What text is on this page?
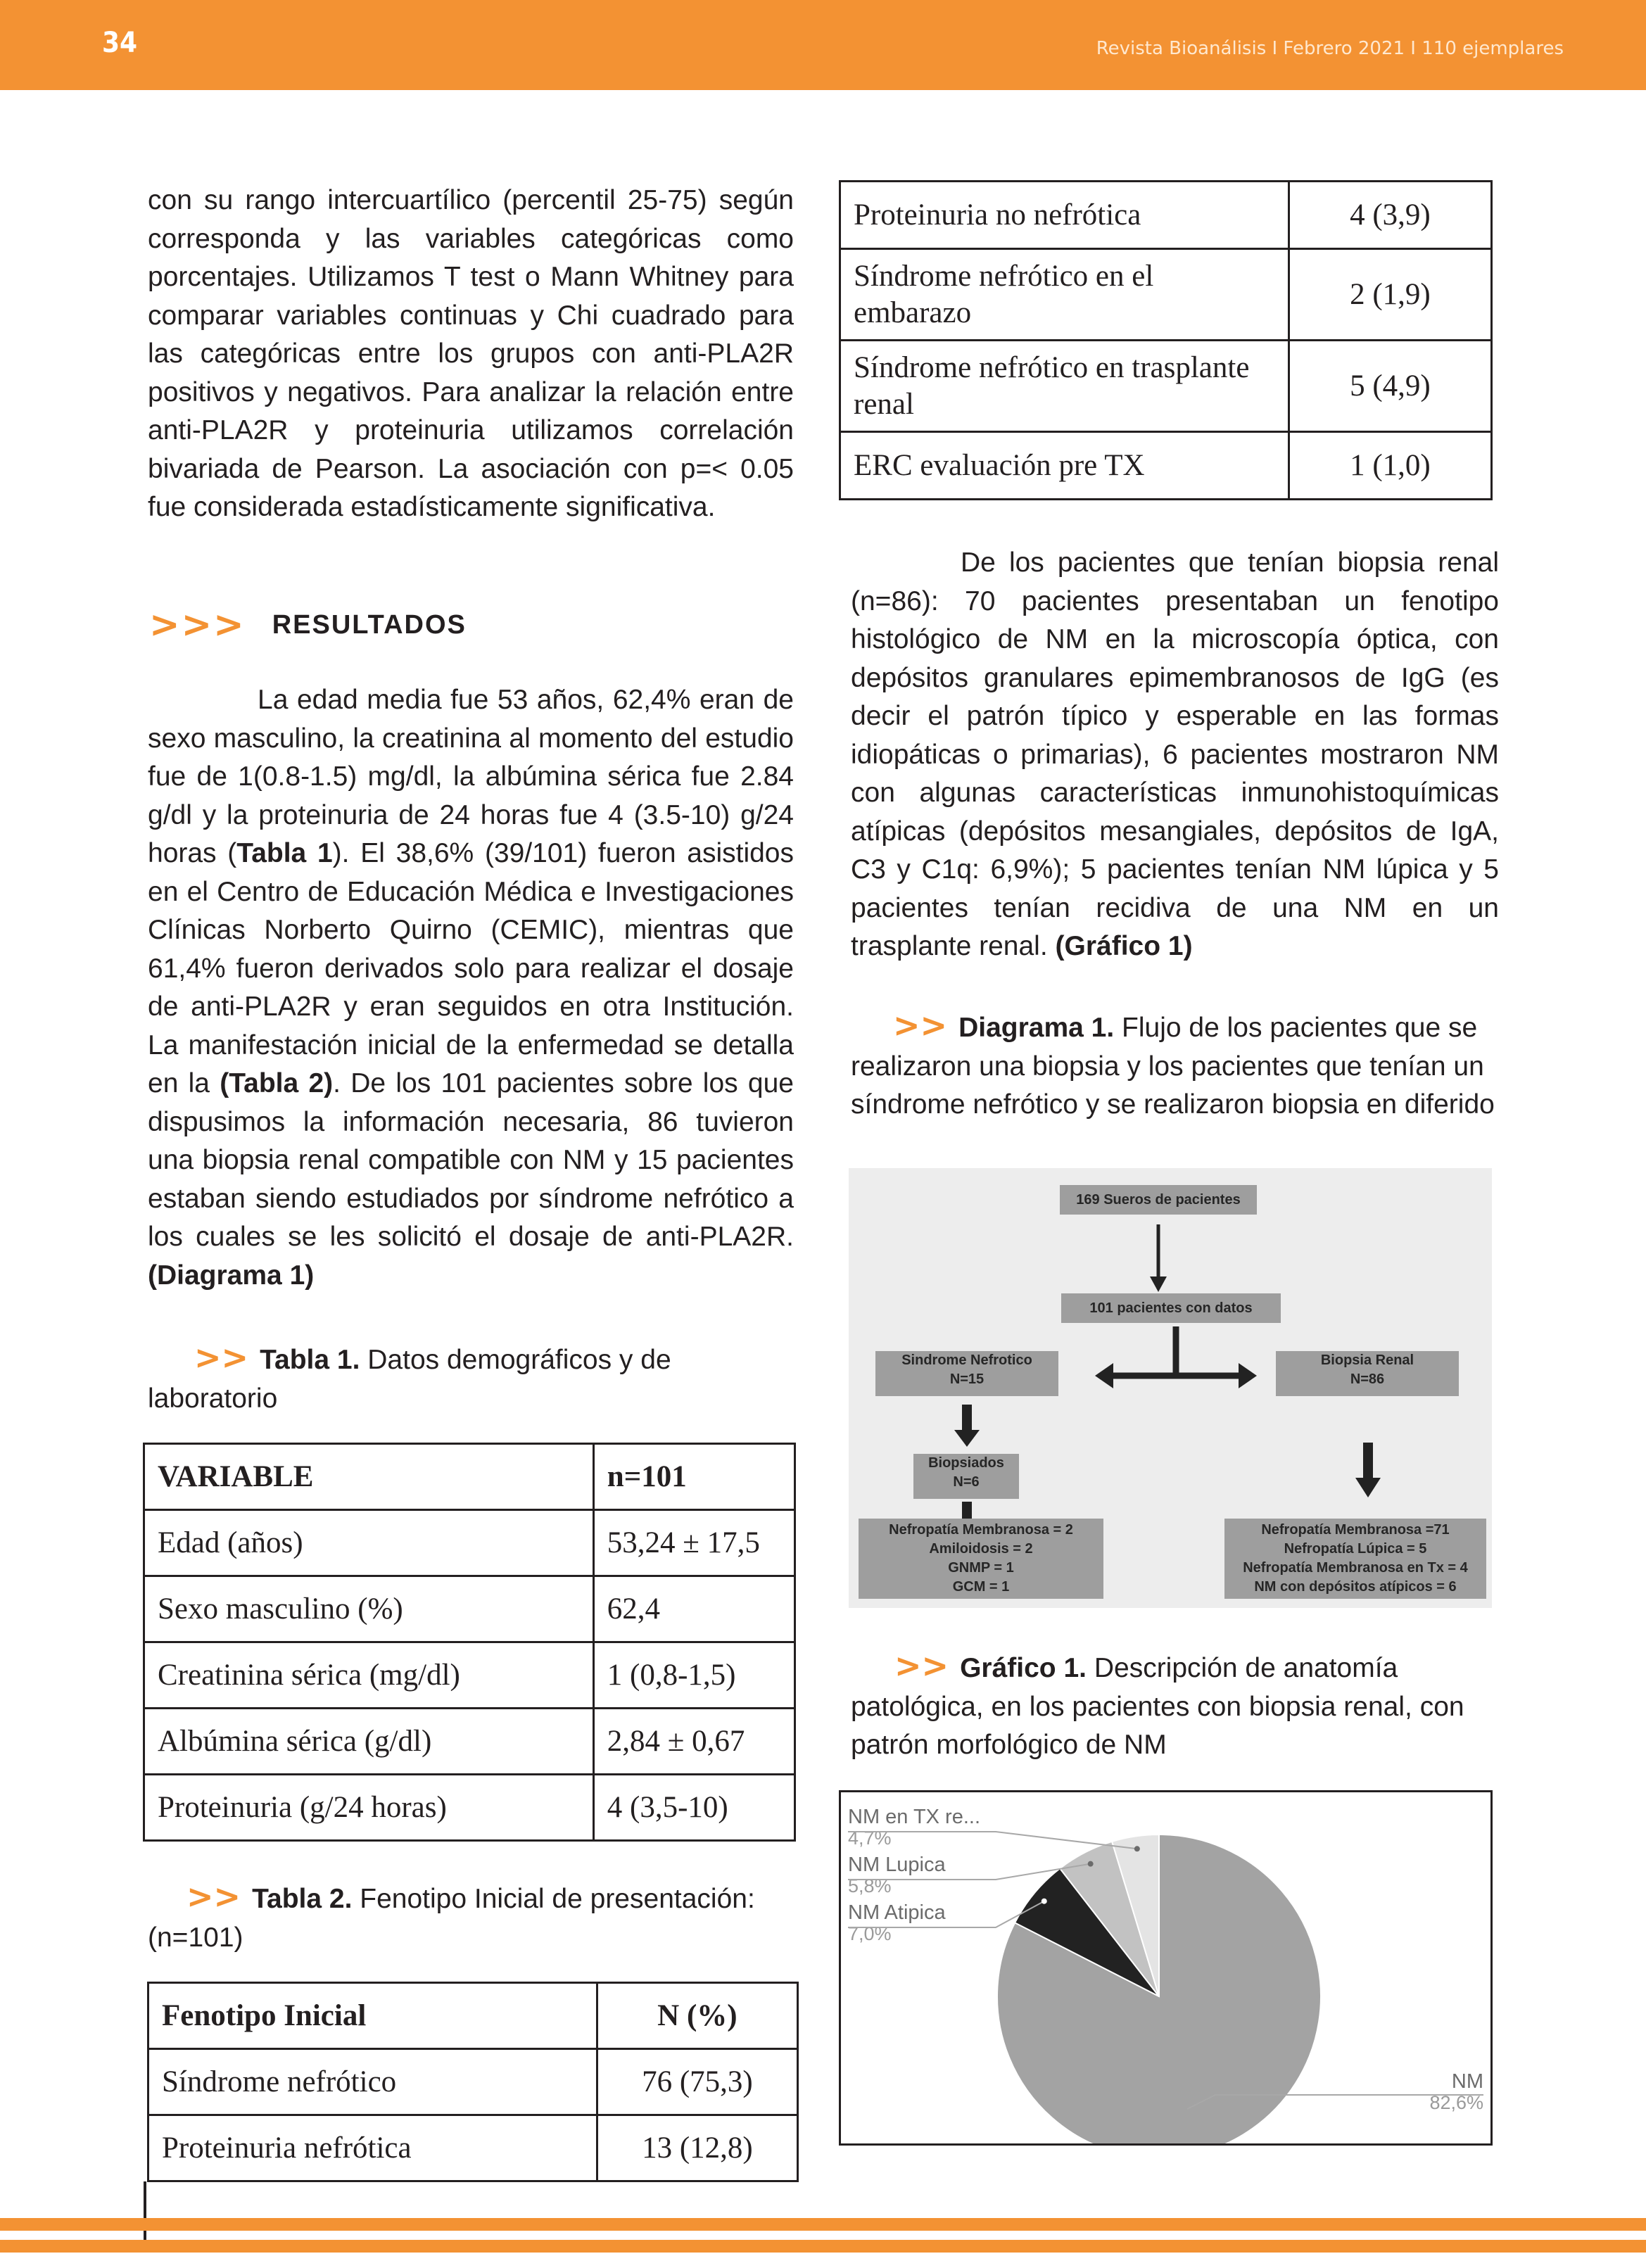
34	Revista Bioanálisis I Febrero 2021 I 110 ejemplares

con su rango intercuartílico (percentil 25-75) según corresponda y las variables categóricas como porcentajes. Utilizamos T test o Mann Whitney para comparar variables continuas y Chi cuadrado para las categóricas entre los grupos con anti-PLA2R positivos y negativos. Para analizar la relación entre anti-PLA2R y proteinuria utilizamos correlación bivariada de Pearson. La asociación con p=< 0.05 fue considerada estadísticamente significativa.

>>> RESULTADOS

La edad media fue 53 años, 62,4% eran de sexo masculino, la creatinina al momento del estudio fue de 1(0.8-1.5) mg/dl, la albúmina sérica fue 2.84 g/dl y la proteinuria de 24 horas fue 4 (3.5-10) g/24 horas (Tabla 1). El 38,6% (39/101) fueron asistidos en el Centro de Educación Médica e Investigaciones Clínicas Norberto Quirno (CEMIC), mientras que 61,4% fueron derivados solo para realizar el dosaje de anti-PLA2R y eran seguidos en otra Institución. La manifestación inicial de la enfermedad se detalla en la (Tabla 2). De los 101 pacientes sobre los que dispusimos la información necesaria, 86 tuvieron una biopsia renal compatible con NM y 15 pacientes estaban siendo estudiados por síndrome nefrótico a los cuales se les solicitó el dosaje de anti-PLA2R. (Diagrama 1)

>> Tabla 1. Datos demográficos y de laboratorio
VARIABLE	n=101
Edad (años)	53,24 ± 17,5
Sexo masculino (%)	62,4
Creatinina sérica (mg/dl)	1 (0,8-1,5)
Albúmina sérica (g/dl)	2,84 ± 0,67
Proteinuria (g/24 horas)	4 (3,5-10)
>> Tabla 2. Fenotipo Inicial de presentación: (n=101)
Fenotipo Inicial	N (%)
Síndrome nefrótico	76 (75,3)
Proteinuria nefrótica	13 (12,8)
Proteinuria no nefrótica	4 (3,9)
Síndrome nefrótico en el embarazo	2 (1,9)
Síndrome nefrótico en trasplante renal	5 (4,9)
ERC evaluación pre TX	1 (1,0)

De los pacientes que tenían biopsia renal (n=86): 70 pacientes presentaban un fenotipo histológico de NM en la microscopía óptica, con depósitos granulares epimembranosos de IgG (es decir el patrón típico y esperable en las formas idiopáticas o primarias), 6 pacientes mostraron NM con algunas características inmunohistoquímicas atípicas (depósitos mesangiales, depósitos de IgA, C3 y C1q: 6,9%); 5 pacientes tenían NM lúpica y 5 pacientes tenían recidiva de una NM en un trasplante renal. (Gráfico 1)

>> Diagrama 1. Flujo de los pacientes que se realizaron una biopsia y los pacientes que tenían un síndrome nefrótico y se realizaron biopsia en diferido
169 Sueros de pacientes
101 pacientes con datos
Sindrome Nefrotico
N=15
Biopsia Renal
N=86
Biopsiados
N=6
Nefropatía Membranosa = 2
Amiloidosis = 2
GNMP = 1
GCM = 1
Nefropatía Membranosa =71
Nefropatía Lúpica = 5
Nefropatía Membranosa en Tx = 4
NM con depósitos atípicos = 6
>> Gráfico 1. Descripción de anatomía patológica, en los pacientes con biopsia renal, con patrón morfológico de NM
NM
82,6%
NM Atipica
7,0%
NM Lupica
5,8%
NM en TX re...
4,7%
